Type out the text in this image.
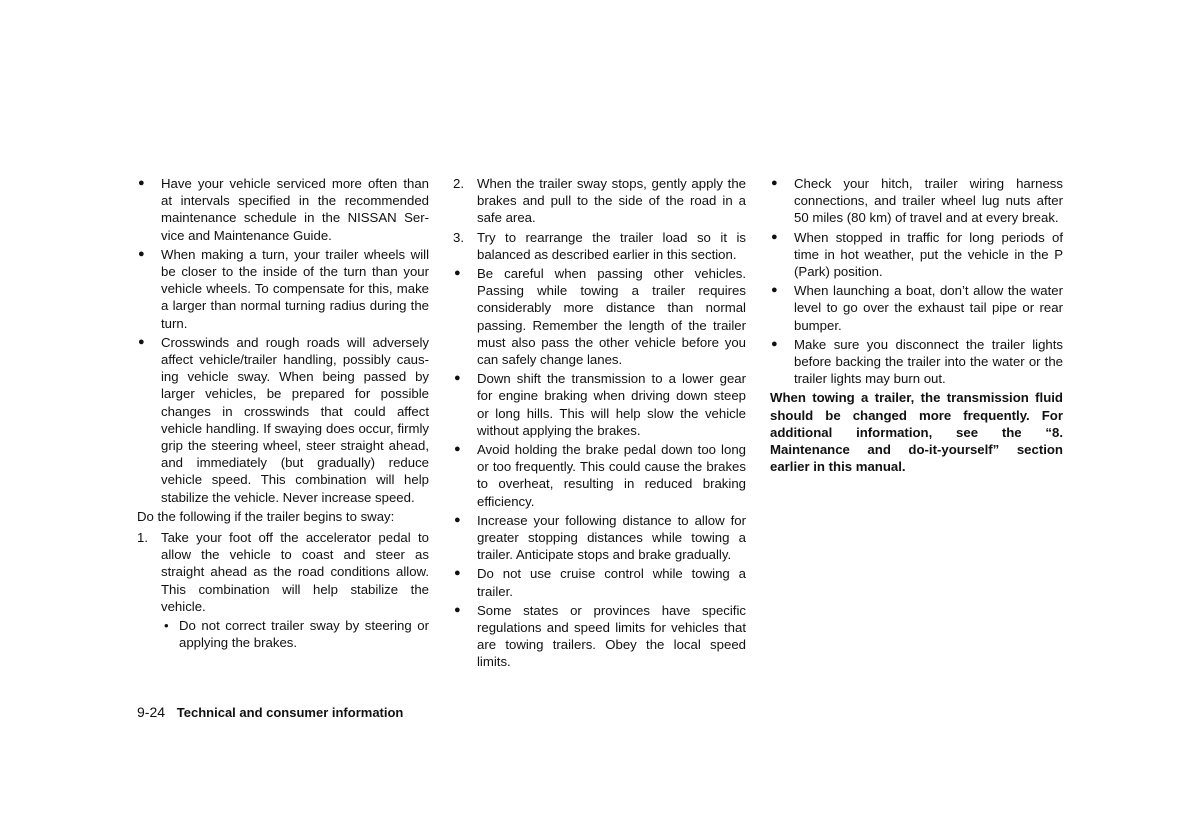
● Have your vehicle serviced more often than at intervals specified in the recommended maintenance schedule in the NISSAN Ser-vice and Maintenance Guide.
● When making a turn, your trailer wheels will be closer to the inside of the turn than your vehicle wheels. To compensate for this, make a larger than normal turning radius during the turn.
● Crosswinds and rough roads will adversely affect vehicle/trailer handling, possibly caus-ing vehicle sway. When being passed by larger vehicles, be prepared for possible changes in crosswinds that could affect vehicle handling. If swaying does occur, firmly grip the steering wheel, steer straight ahead, and immediately (but gradually) reduce vehicle speed. This combination will help stabilize the vehicle. Never increase speed.
Do the following if the trailer begins to sway:
1. Take your foot off the accelerator pedal to allow the vehicle to coast and steer as straight ahead as the road conditions allow. This combination will help stabilize the vehicle.
• Do not correct trailer sway by steering or applying the brakes.
2. When the trailer sway stops, gently apply the brakes and pull to the side of the road in a safe area.
3. Try to rearrange the trailer load so it is balanced as described earlier in this section.
● Be careful when passing other vehicles. Passing while towing a trailer requires considerably more distance than normal passing. Remember the length of the trailer must also pass the other vehicle before you can safely change lanes.
● Down shift the transmission to a lower gear for engine braking when driving down steep or long hills. This will help slow the vehicle without applying the brakes.
● Avoid holding the brake pedal down too long or too frequently. This could cause the brakes to overheat, resulting in reduced braking efficiency.
● Increase your following distance to allow for greater stopping distances while towing a trailer. Anticipate stops and brake gradually.
● Do not use cruise control while towing a trailer.
● Some states or provinces have specific regulations and speed limits for vehicles that are towing trailers. Obey the local speed limits.
● Check your hitch, trailer wiring harness connections, and trailer wheel lug nuts after 50 miles (80 km) of travel and at every break.
● When stopped in traffic for long periods of time in hot weather, put the vehicle in the P (Park) position.
● When launching a boat, don’t allow the water level to go over the exhaust tail pipe or rear bumper.
● Make sure you disconnect the trailer lights before backing the trailer into the water or the trailer lights may burn out.
When towing a trailer, the transmission fluid should be changed more frequently. For additional information, see the “8. Maintenance and do-it-yourself” section earlier in this manual.
9-24 Technical and consumer information
